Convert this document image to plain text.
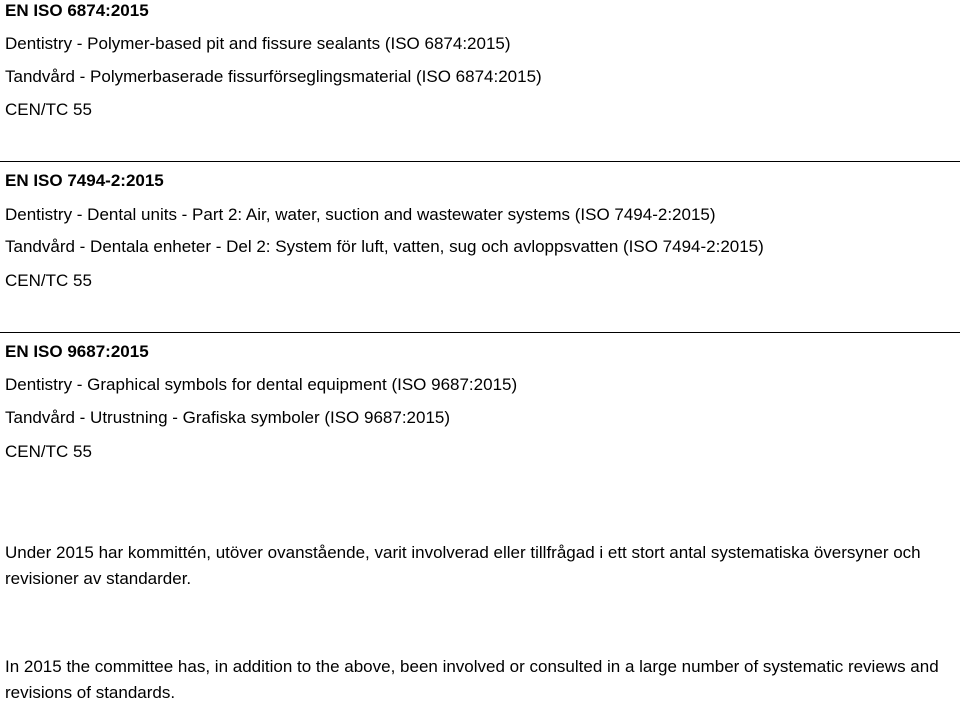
EN ISO 6874:2015
Dentistry - Polymer-based pit and fissure sealants (ISO 6874:2015)
Tandvård - Polymerbaserade fissurförseglingsmaterial (ISO 6874:2015)
CEN/TC 55
EN ISO 7494-2:2015
Dentistry - Dental units - Part 2: Air, water, suction and wastewater systems (ISO 7494-2:2015)
Tandvård - Dentala enheter - Del 2: System för luft, vatten, sug och avloppsvatten (ISO 7494-2:2015)
CEN/TC 55
EN ISO 9687:2015
Dentistry - Graphical symbols for dental equipment (ISO 9687:2015)
Tandvård - Utrustning - Grafiska symboler (ISO 9687:2015)
CEN/TC 55
Under 2015 har kommittén, utöver ovanstående, varit involverad eller tillfrågad i ett stort antal systematiska översyner och revisioner av standarder.
In 2015 the committee has, in addition to the above, been involved or consulted in a large number of systematic reviews and revisions of standards.
